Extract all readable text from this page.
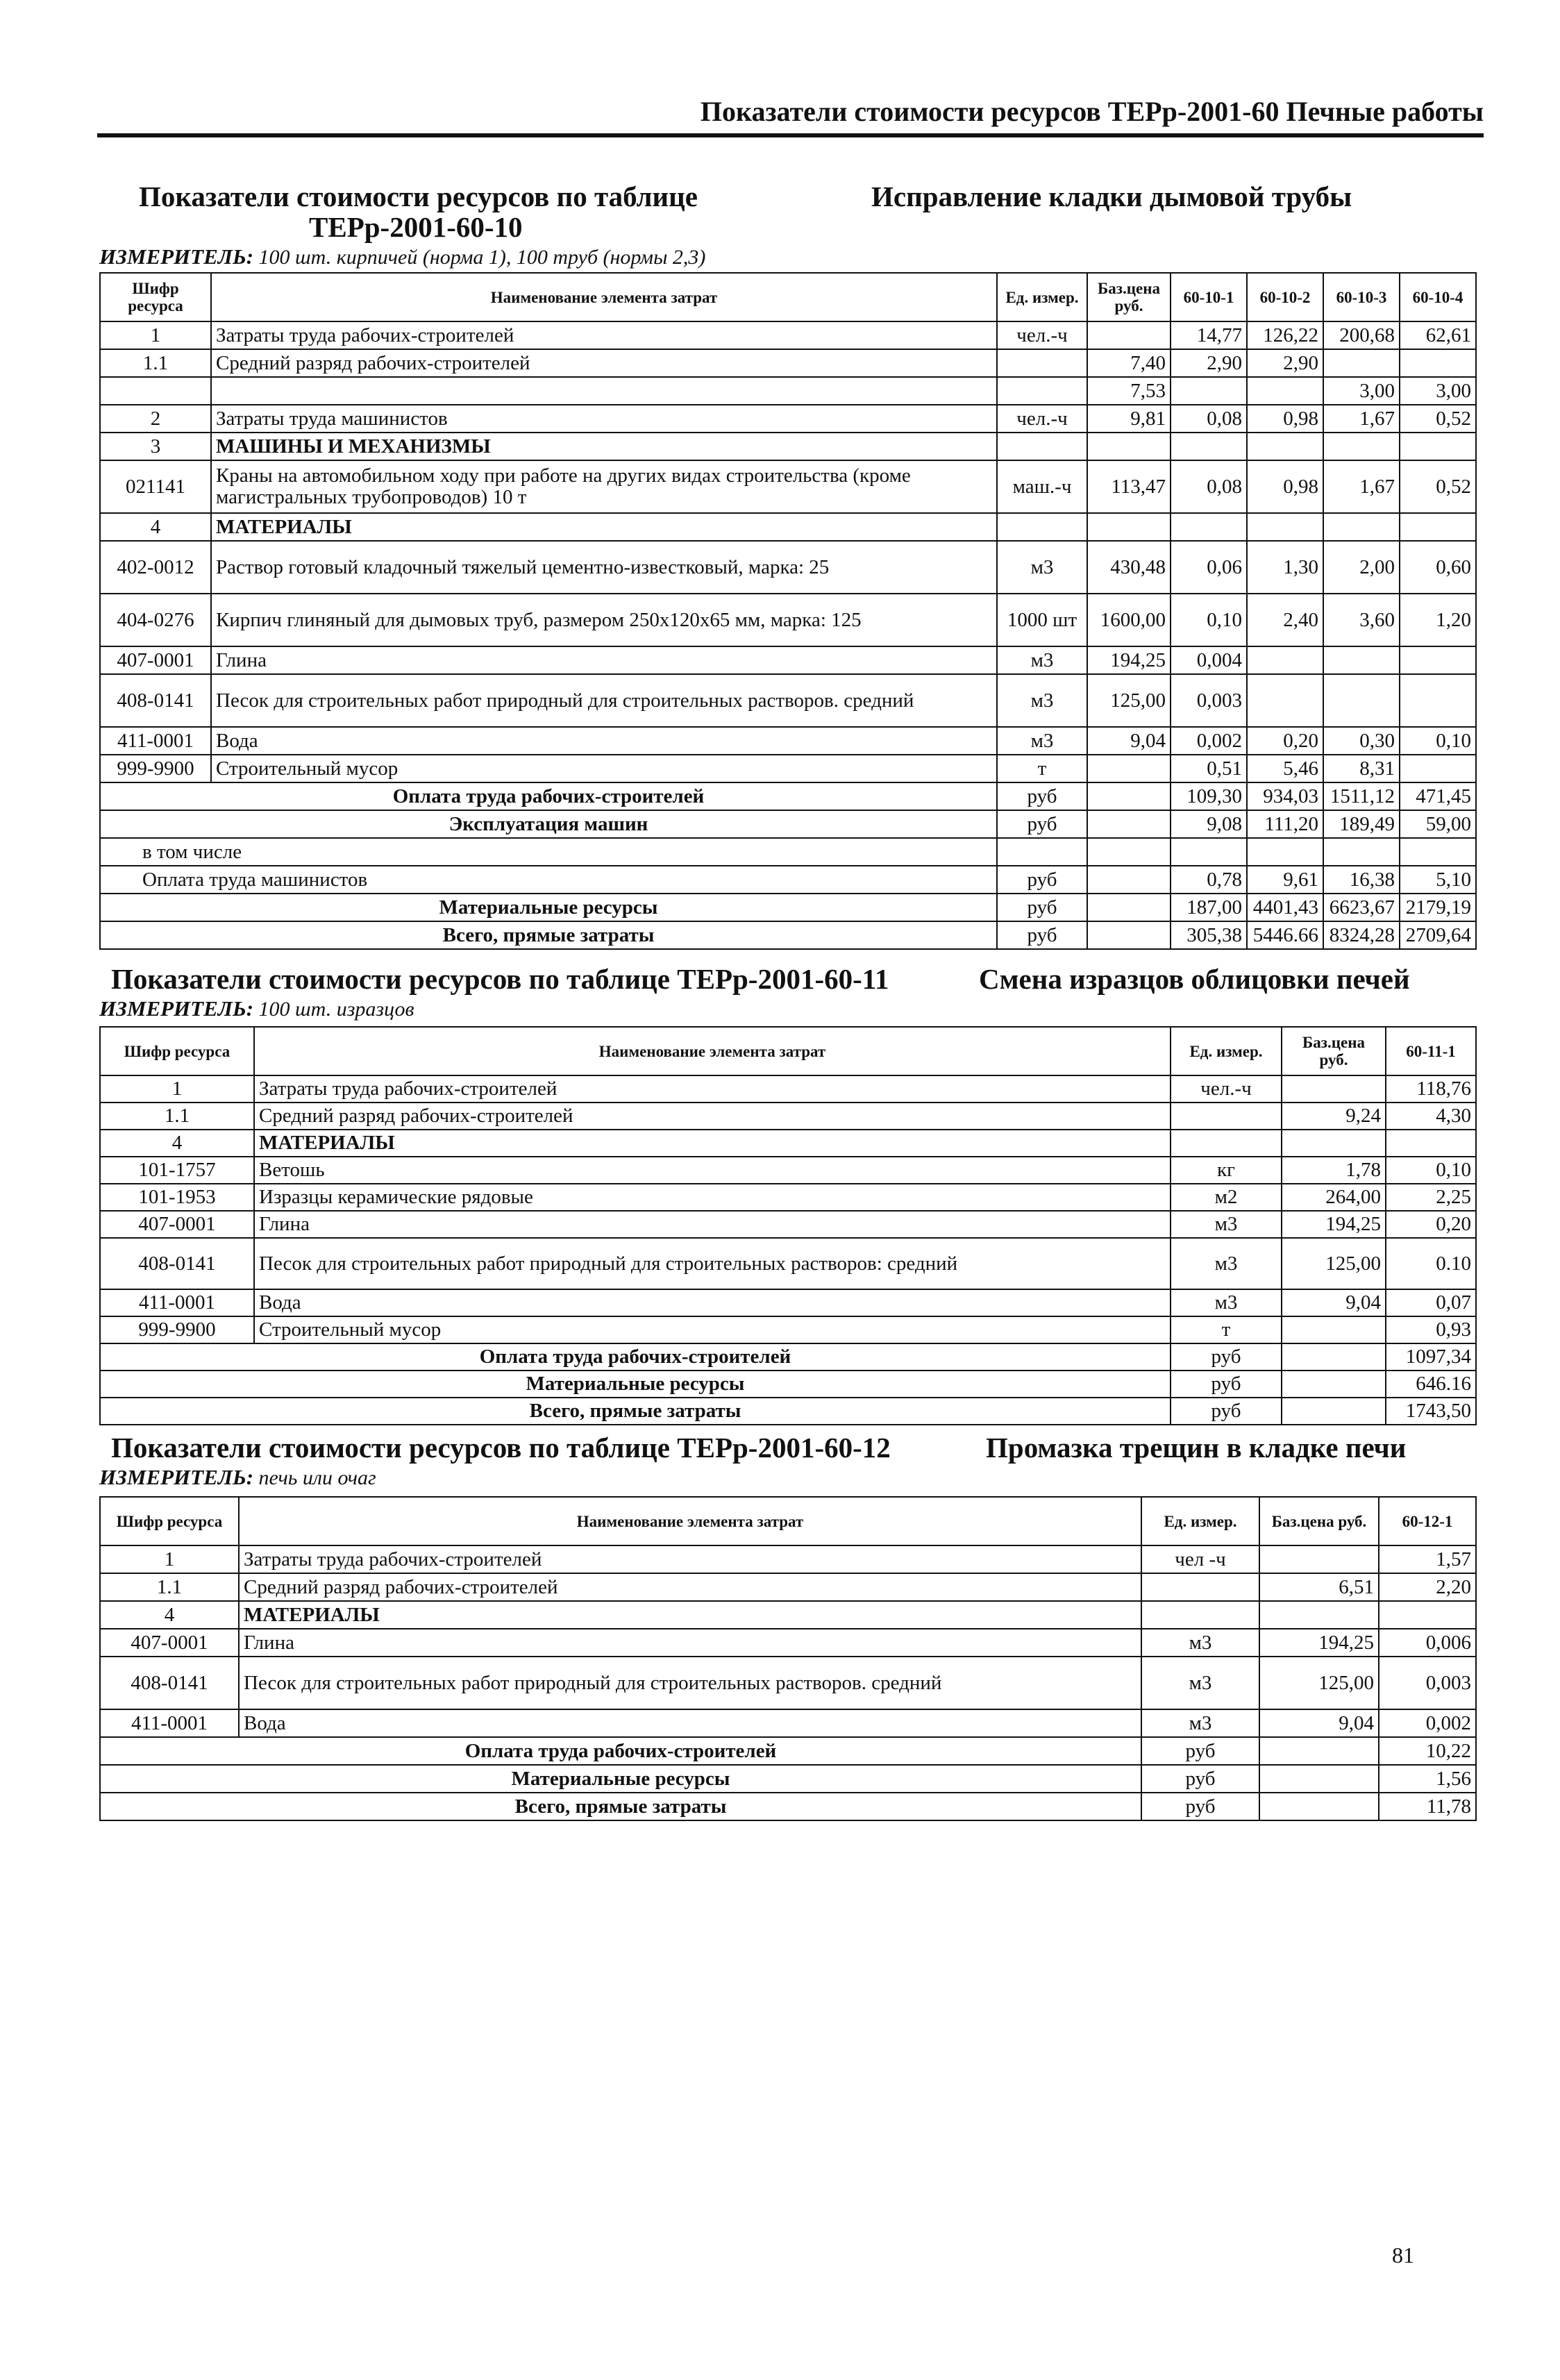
Показатели стоимости ресурсов ТЕРр-2001-60 Печные работы
Показатели стоимости ресурсов по таблице
ТЕРр-2001-60-10
Исправление кладки дымовой трубы
ИЗМЕРИТЕЛЬ: 100 шт. кирпичей (норма 1), 100 труб (нормы 2,3)
Шифр ресурса	Наименование элемента затрат	Ед. измер.	Баз.цена руб.	60-10-1	60-10-2	60-10-3	60-10-4
1	Затраты труда рабочих-строителей	чел.-ч		14,77	126,22	200,68	62,61
1.1	Средний разряд рабочих-строителей		7,40	2,90	2,90		
			7,53			3,00	3,00
2	Затраты труда машинистов	чел.-ч	9,81	0,08	0,98	1,67	0,52
3	МАШИНЫ И МЕХАНИЗМЫ						
021141	Краны на автомобильном ходу при работе на других видах строительства (кроме магистральных трубопроводов) 10 т	маш.-ч	113,47	0,08	0,98	1,67	0,52
4	МАТЕРИАЛЫ						
402-0012	Раствор готовый кладочный тяжелый цементно-известковый, марка: 25	м3	430,48	0,06	1,30	2,00	0,60
404-0276	Кирпич глиняный для дымовых труб, размером 250х120х65 мм, марка: 125	1000 шт	1600,00	0,10	2,40	3,60	1,20
407-0001	Глина	м3	194,25	0,004			
408-0141	Песок для строительных работ природный для строительных растворов. средний	м3	125,00	0,003			
411-0001	Вода	м3	9,04	0,002	0,20	0,30	0,10
999-9900	Строительный мусор	т		0,51	5,46	8,31	
Оплата труда рабочих-строителей		руб		109,30	934,03	1511,12	471,45
Эксплуатация машин		руб		9,08	111,20	189,49	59,00
в том числе							
Оплата труда машинистов		руб		0,78	9,61	16,38	5,10
Материальные ресурсы		руб		187,00	4401,43	6623,67	2179,19
Всего, прямые затраты		руб		305,38	5446.66	8324,28	2709,64
Показатели стоимости ресурсов по таблице ТЕРр-2001-60-11	Смена изразцов облицовки печей
ИЗМЕРИТЕЛЬ: 100 шт. изразцов
Шифр ресурса	Наименование элемента затрат	Ед. измер.	Баз.цена руб.	60-11-1
1	Затраты труда рабочих-строителей	чел.-ч		118,76
1.1	Средний разряд рабочих-строителей		9,24	4,30
4	МАТЕРИАЛЫ			
101-1757	Ветошь	кг	1,78	0,10
101-1953	Изразцы керамические рядовые	м2	264,00	2,25
407-0001	Глина	м3	194,25	0,20
408-0141	Песок для строительных работ природный для строительных растворов: средний	м3	125,00	0.10
411-0001	Вода	м3	9,04	0,07
999-9900	Строительный мусор	т		0,93
Оплата труда рабочих-строителей		руб		1097,34
Материальные ресурсы		руб		646.16
Всего, прямые затраты		руб		1743,50
Показатели стоимости ресурсов по таблице ТЕРр-2001-60-12	Промазка трещин в кладке печи
ИЗМЕРИТЕЛЬ: печь или очаг
Шифр ресурса	Наименование элемента затрат	Ед. измер.	Баз.цена руб.	60-12-1
1	Затраты труда рабочих-строителей	чел -ч		1,57
1.1	Средний разряд рабочих-строителей		6,51	2,20
4	МАТЕРИАЛЫ			
407-0001	Глина	м3	194,25	0,006
408-0141	Песок для строительных работ природный для строительных растворов. средний	м3	125,00	0,003
411-0001	Вода	м3	9,04	0,002
Оплата труда рабочих-строителей		руб		10,22
Материальные ресурсы		руб		1,56
Всего, прямые затраты		руб		11,78
81
